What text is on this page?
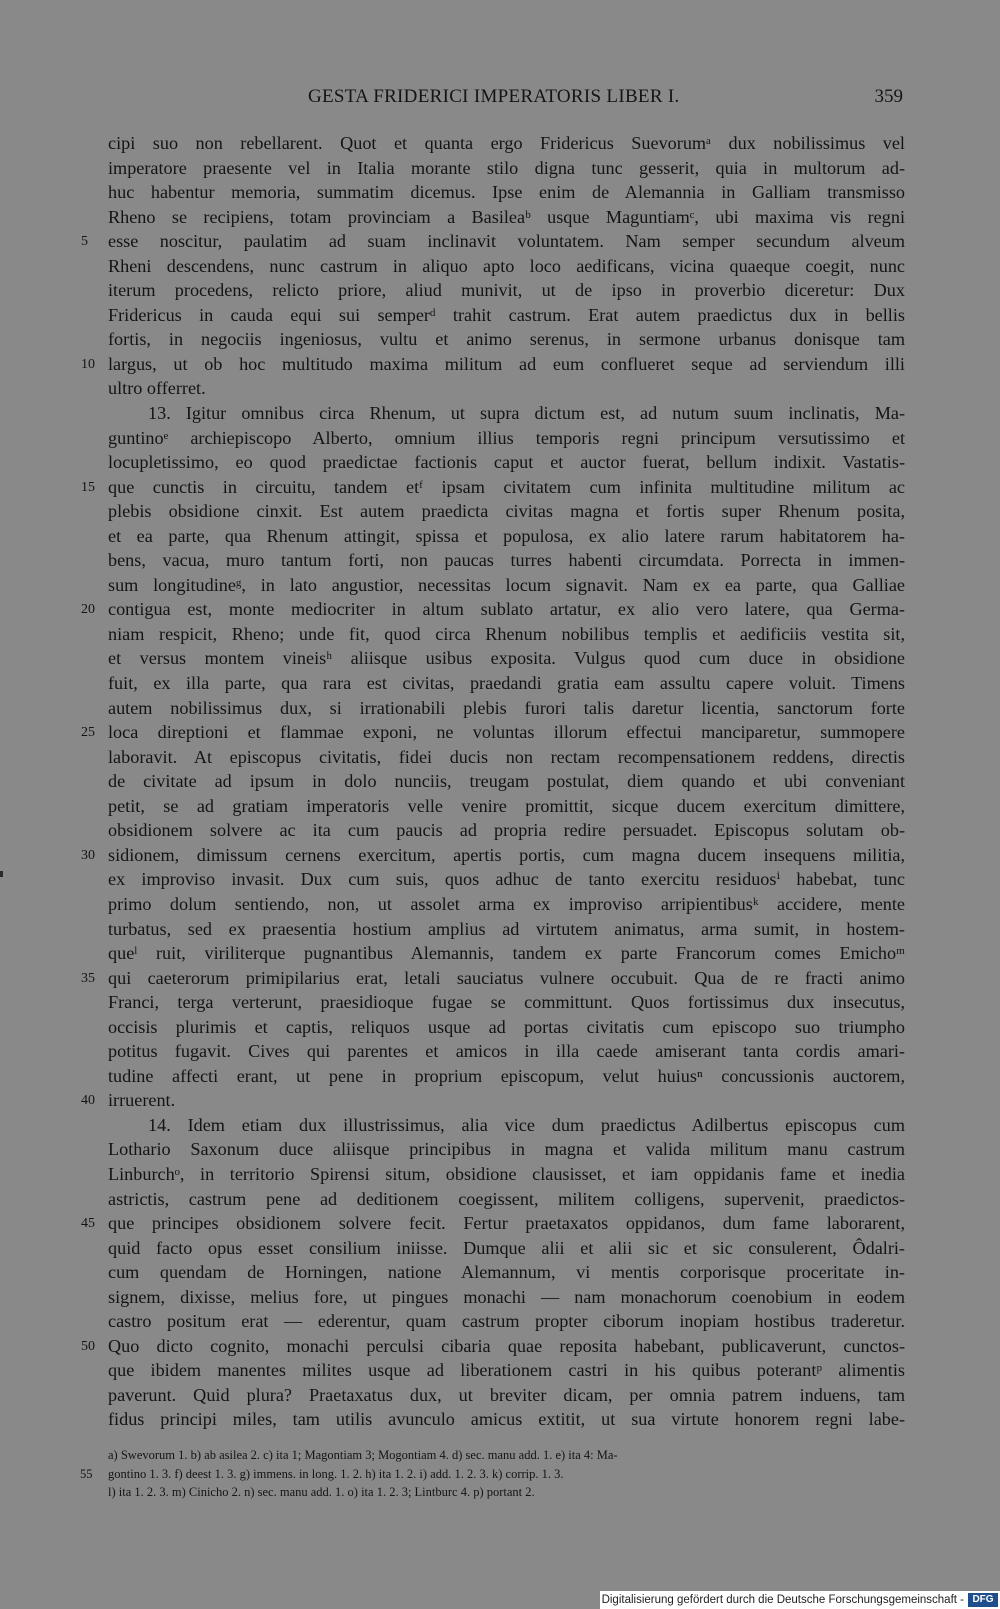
GESTA FRIDERICI IMPERATORIS LIBER I.	359
cipi suo non rebellarent. Quot et quanta ergo Fridericus Suevorumᵃ dux nobilissimus vel
imperatore praesente vel in Italia morante stilo digna tunc gesserit, quia in multorum ad-
huc habentur memoria, summatim dicemus. Ipse enim de Alemannia in Galliam transmisso
Rheno se recipiens, totam provinciam a Basileaᵇ usque Maguntiamᶜ, ubi maxima vis regni
5 esse noscitur, paulatim ad suam inclinavit voluntatem. Nam semper secundum alveum
Rheni descendens, nunc castrum in aliquo apto loco aedificans, vicina quaeque coegit, nunc
iterum procedens, relicto priore, aliud munivit, ut de ipso in proverbio diceretur: Dux
Fridericus in cauda equi sui semperᵈ trahit castrum. Erat autem praedictus dux in bellis
fortis, in negociis ingeniosus, vultu et animo serenus, in sermone urbanus donisque tam
10 largus, ut ob hoc multitudo maxima militum ad eum conflueret seque ad serviendum illi
ultro offerret.
13. Igitur omnibus circa Rhenum, ut supra dictum est, ad nutum suum inclinatis, Ma-
guntinoᵉ archiepiscopo Alberto, omnium illius temporis regni principum versutissimo et
locupletissimo, eo quod praedictae factionis caput et auctor fuerat, bellum indixit. Vastatis-
15 que cunctis in circuitu, tandem etᶠ ipsam civitatem cum infinita multitudine militum ac
plebis obsidione cinxit. Est autem praedicta civitas magna et fortis super Rhenum posita,
et ea parte, qua Rhenum attingit, spissa et populosa, ex alio latere rarum habitatorem ha-
bens, vacua, muro tantum forti, non paucas turres habenti circumdata. Porrecta in immen-
sum longitudineᵍ, in lato angustior, necessitas locum signavit. Nam ex ea parte, qua Galliae
20 contigua est, monte mediocriter in altum sublato artatur, ex alio vero latere, qua Germa-
niam respicit, Rheno; unde fit, quod circa Rhenum nobilibus templis et aedificiis vestita sit,
et versus montem vineisʰ aliisque usibus exposita. Vulgus quod cum duce in obsidione
fuit, ex illa parte, qua rara est civitas, praedandi gratia eam assultu capere voluit. Timens
autem nobilissimus dux, si irrationabili plebis furori talis daretur licentia, sanctorum forte
25 loca direptioni et flammae exponi, ne voluntas illorum effectui manciparetur, summopere
laboravit. At episcopus civitatis, fidei ducis non rectam recompensationem reddens, directis
de civitate ad ipsum in dolo nunciis, treugam postulat, diem quando et ubi conveniant
petit, se ad gratiam imperatoris velle venire promittit, sicque ducem exercitum dimittere,
obsidionem solvere ac ita cum paucis ad propria redire persuadet. Episcopus solutam ob-
30 sidionem, dimissum cernens exercitum, apertis portis, cum magna ducem insequens militia,
ex improviso invasit. Dux cum suis, quos adhuc de tanto exercitu residuosⁱ habebat, tunc
primo dolum sentiendo, non, ut assolet arma ex improviso arripientibusᵏ accidere, mente
turbatus, sed ex praesentia hostium amplius ad virtutem animatus, arma sumit, in hostem-
queˡ ruit, viriliterque pugnantibus Alemannis, tandem ex parte Francorum comes Emichoᵐ
35 qui caeterorum primipilarius erat, letali sauciatus vulnere occubuit. Qua de re fracti animo
Franci, terga verterunt, praesidioque fugae se committunt. Quos fortissimus dux insecutus,
occisis plurimis et captis, reliquos usque ad portas civitatis cum episcopo suo triumpho
potitus fugavit. Cives qui parentes et amicos in illa caede amiserant tanta cordis amari-
tudine affecti erant, ut pene in proprium episcopum, velut huiusⁿ concussionis auctorem,
40 irruerent.
14. Idem etiam dux illustrissimus, alia vice dum praedictus Adilbertus episcopus cum
Lothario Saxonum duce aliisque principibus in magna et valida militum manu castrum
Linburchᵒ, in territorio Spirensi situm, obsidione clausisset, et iam oppidanis fame et inedia
astrictis, castrum pene ad deditionem coegissent, militem colligens, supervenit, praedictos-
45 que principes obsidionem solvere fecit. Fertur praetaxatos oppidanos, dum fame laborarent,
quid facto opus esset consilium iniisse. Dumque alii et alii sic et sic consulerent, Ôdalri-
cum quendam de Horningen, natione Alemannum, vi mentis corporisque proceritate in-
signem, dixisse, melius fore, ut pingues monachi — nam monachorum coenobium in eodem
castro positum erat — ederentur, quam castrum propter ciborum inopiam hostibus traderetur.
50 Quo dicto cognito, monachi perculsi cibaria quae reposita habebant, publicaverunt, cunctos-
que ibidem manentes milites usque ad liberationem castri in his quibus poterantᵖ alimentis
paverunt. Quid plura? Praetaxatus dux, ut breviter dicam, per omnia patrem induens, tam
fidus principi miles, tam utilis avunculo amicus extitit, ut sua virtute honorem regni labe-
a) Swevorum 1. b) ab asilea 2. c) ita 1; Magontiam 3; Mogontiam 4. d) sec. manu add. 1. e) ita 4: Ma-
55 gontino 1. 3. f) deest 1. 3. g) immens. in long. 1. 2. h) ita 1. 2. i) add. 1. 2. 3. k) corrip. 1. 3.
l) ita 1. 2. 3. m) Cinicho 2. n) sec. manu add. 1. o) ita 1. 2. 3; Lintburc 4. p) portant 2.
Digitalisierung gefördert durch die Deutsche Forschungsgemeinschaft - DFG
